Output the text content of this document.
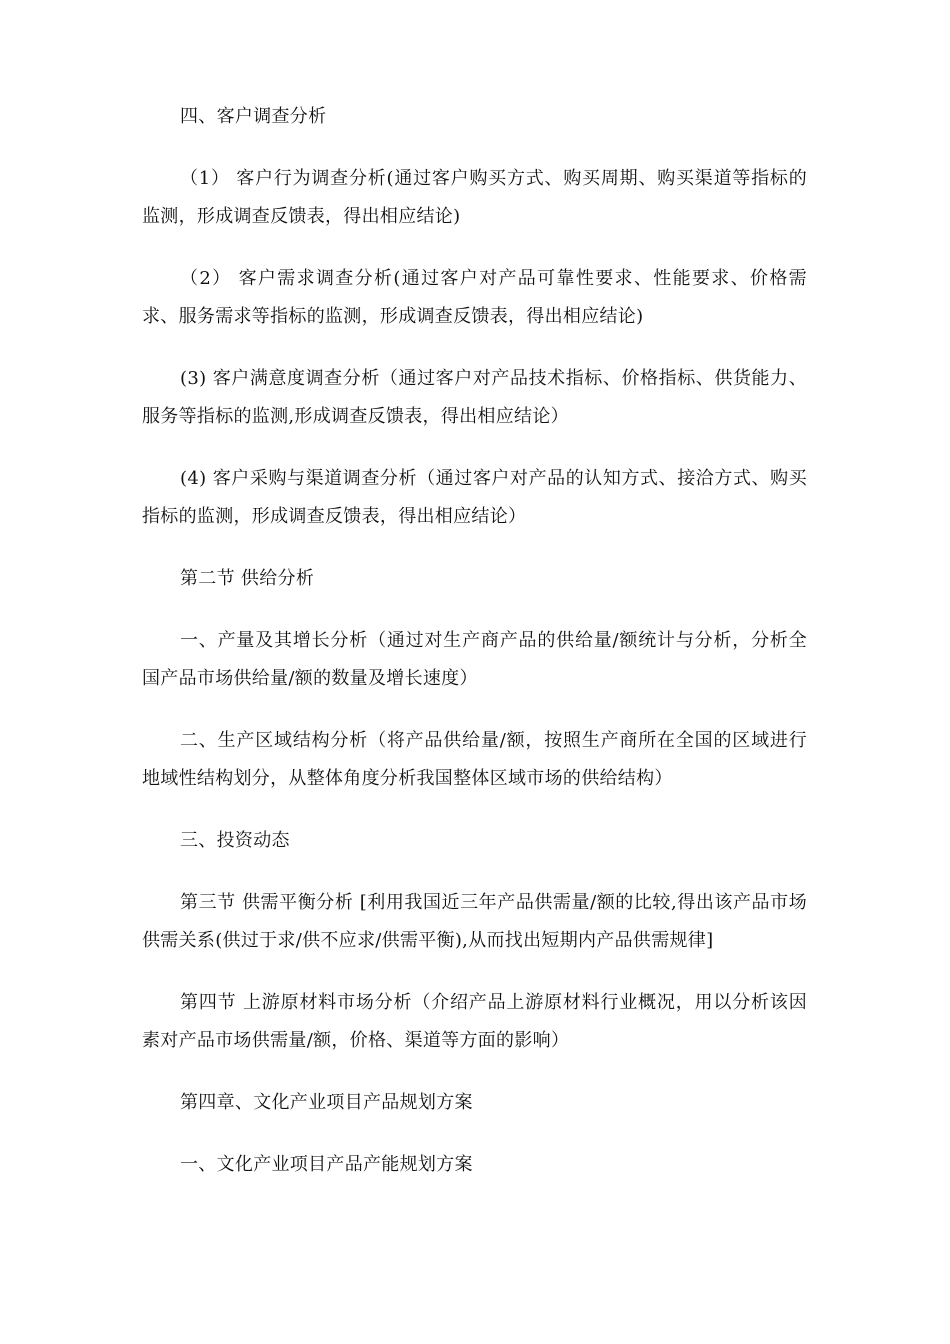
四、客户调查分析

（1） 客户行为调查分析(通过客户购买方式、购买周期、购买渠道等指标的监测，形成调查反馈表，得出相应结论)

（2） 客户需求调查分析(通过客户对产品可靠性要求、性能要求、价格需求、服务需求等指标的监测，形成调查反馈表，得出相应结论)

(3) 客户满意度调查分析（通过客户对产品技术指标、价格指标、供货能力、服务等指标的监测,形成调查反馈表，得出相应结论）

(4) 客户采购与渠道调查分析（通过客户对产品的认知方式、接洽方式、购买指标的监测，形成调查反馈表，得出相应结论）

第二节 供给分析

一、产量及其增长分析（通过对生产商产品的供给量/额统计与分析，分析全国产品市场供给量/额的数量及增长速度）

二、生产区域结构分析（将产品供给量/额，按照生产商所在全国的区域进行地域性结构划分，从整体角度分析我国整体区域市场的供给结构）

三、投资动态

第三节 供需平衡分析 [利用我国近三年产品供需量/额的比较,得出该产品市场供需关系(供过于求/供不应求/供需平衡),从而找出短期内产品供需规律]

第四节 上游原材料市场分析（介绍产品上游原材料行业概况，用以分析该因素对产品市场供需量/额，价格、渠道等方面的影响）

第四章、文化产业项目产品规划方案

一、文化产业项目产品产能规划方案
